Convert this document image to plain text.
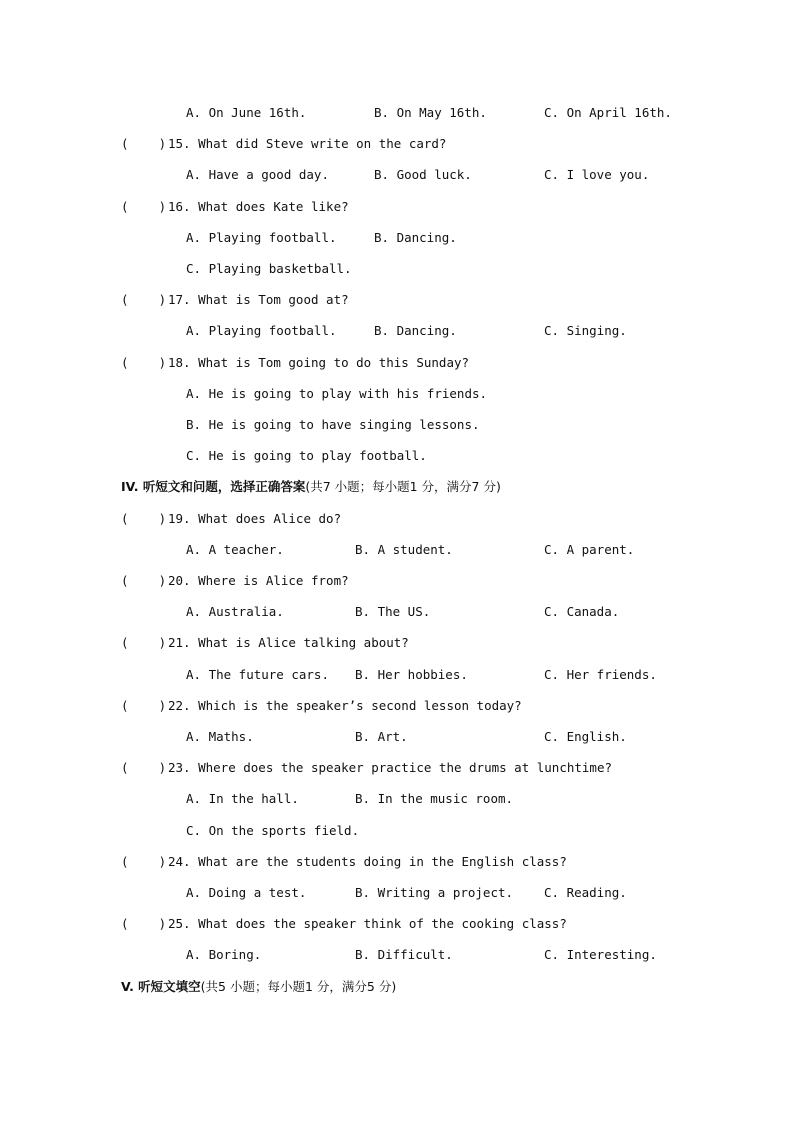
A. On June 16th.	B. On May 16th.	C. On April 16th.
(    ) 15. What did Steve write on the card?
A. Have a good day.	B. Good luck.	C. I love you.
(    ) 16. What does Kate like?
A. Playing football.	B. Dancing.
C. Playing basketball.
(    ) 17. What is Tom good at?
A. Playing football.	B. Dancing.	C. Singing.
(    ) 18. What is Tom going to do this Sunday?
A. He is going to play with his friends.
B. He is going to have singing lessons.
C. He is going to play football.
IV. 听短文和问题，选择正确答案(共7 小题；每小题1 分，满分7 分)
(    ) 19. What does Alice do?
A. A teacher.	B. A student.	C. A parent.
(    ) 20. Where is Alice from?
A. Australia.	B. The US.	C. Canada.
(    ) 21. What is Alice talking about?
A. The future cars. B. Her hobbies.	C. Her friends.
(    ) 22. Which is the speaker’s second lesson today?
A. Maths.	B. Art.	C. English.
(    ) 23. Where does the speaker practice the drums at lunchtime?
A. In the hall.	B. In the music room.
C. On the sports field.
(    ) 24. What are the students doing in the English class?
A. Doing a test.	B. Writing a project. C. Reading.
(    ) 25. What does the speaker think of the cooking class?
A. Boring.	B. Difficult.	C. Interesting.
V. 听短文填空(共5 小题；每小题1 分，满分5 分)
